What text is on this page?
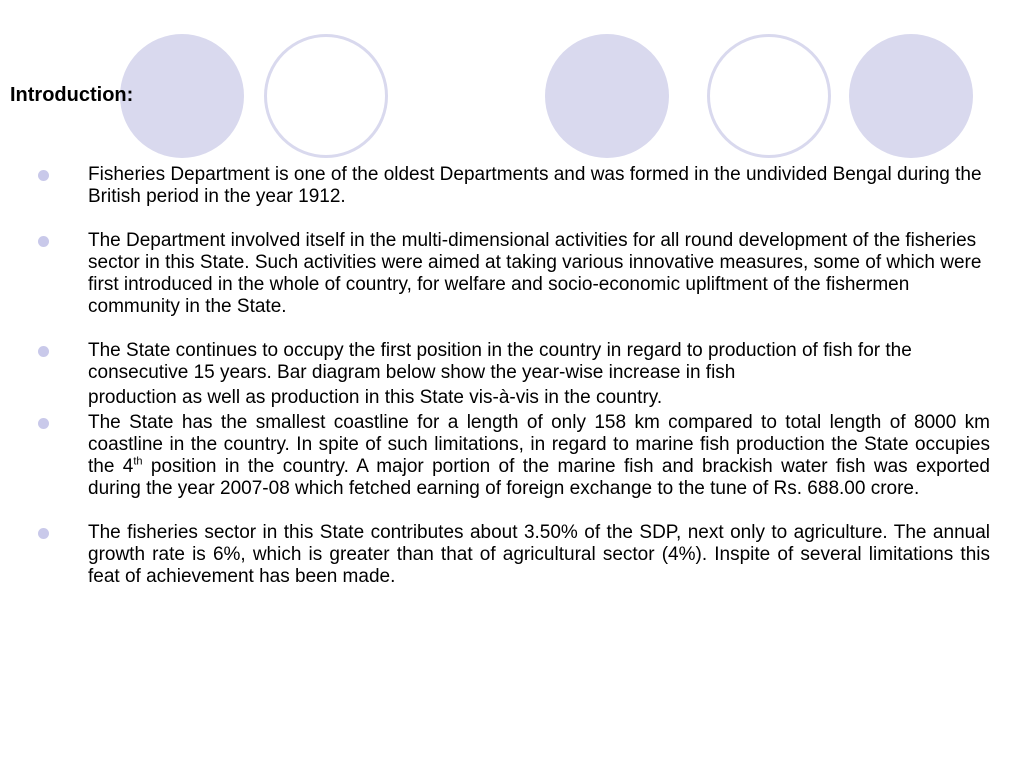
Introduction:
Fisheries Department is one of the oldest Departments and was formed in the undivided Bengal during the British period in the year 1912.
The Department involved itself in the multi-dimensional activities for all round development of the fisheries sector in this State. Such activities were aimed at taking various innovative measures, some of which were first introduced in the whole of country, for welfare and socio-economic upliftment of the fishermen community in the State.
The State continues to occupy the first position in the country in regard to production of fish for the consecutive 15 years. Bar diagram below show the year-wise increase in fish production as well as production in this State vis-à-vis in the country.
The State has the smallest coastline for a length of only 158 km compared to total length of 8000 km coastline in the country. In spite of such limitations, in regard to marine fish production the State occupies the 4th position in the country. A major portion of the marine fish and brackish water fish was exported during the year 2007-08 which fetched earning of foreign exchange to the tune of Rs. 688.00 crore.
The fisheries sector in this State contributes about 3.50% of the SDP, next only to agriculture. The annual growth rate is 6%, which is greater than that of agricultural sector (4%). Inspite of several limitations this feat of achievement has been made.
